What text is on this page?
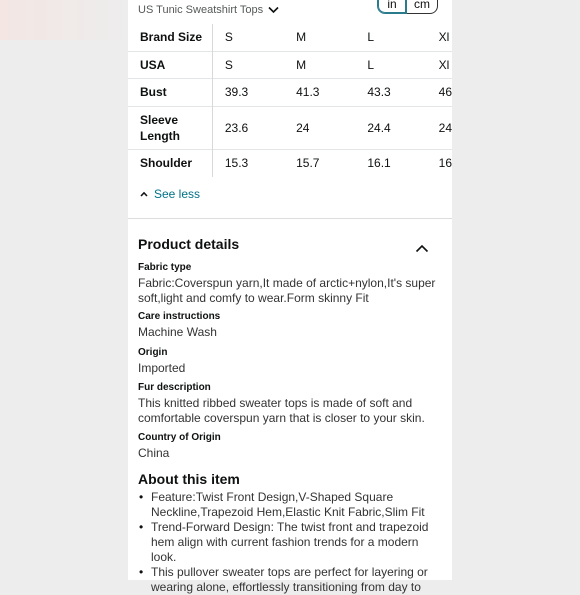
US Tunic Sweatshirt Tops	in	cm
Brand Size	S	M	L	Xl
USA	S	M	L	Xl
Bust	39.3	41.3	43.3	46
Sleeve Length	23.6	24	24.4	24
Shoulder	15.3	15.7	16.1	16
See less
Product details
Fabric type
Fabric:Coverspun yarn,It made of arctic+nylon,It's super soft,light and comfy to wear.Form skinny Fit
Care instructions
Machine Wash
Origin
Imported
Fur description
This knitted ribbed sweater tops is made of soft and comfortable coverspun yarn that is closer to your skin.
Country of Origin
China
About this item
• Feature:Twist Front Design,V-Shaped Square Neckline,Trapezoid Hem,Elastic Knit Fabric,Slim Fit
• Trend-Forward Design: The twist front and trapezoid hem align with current fashion trends for a modern look.
• This pullover sweater tops are perfect for layering or wearing alone, effortlessly transitioning from day to
